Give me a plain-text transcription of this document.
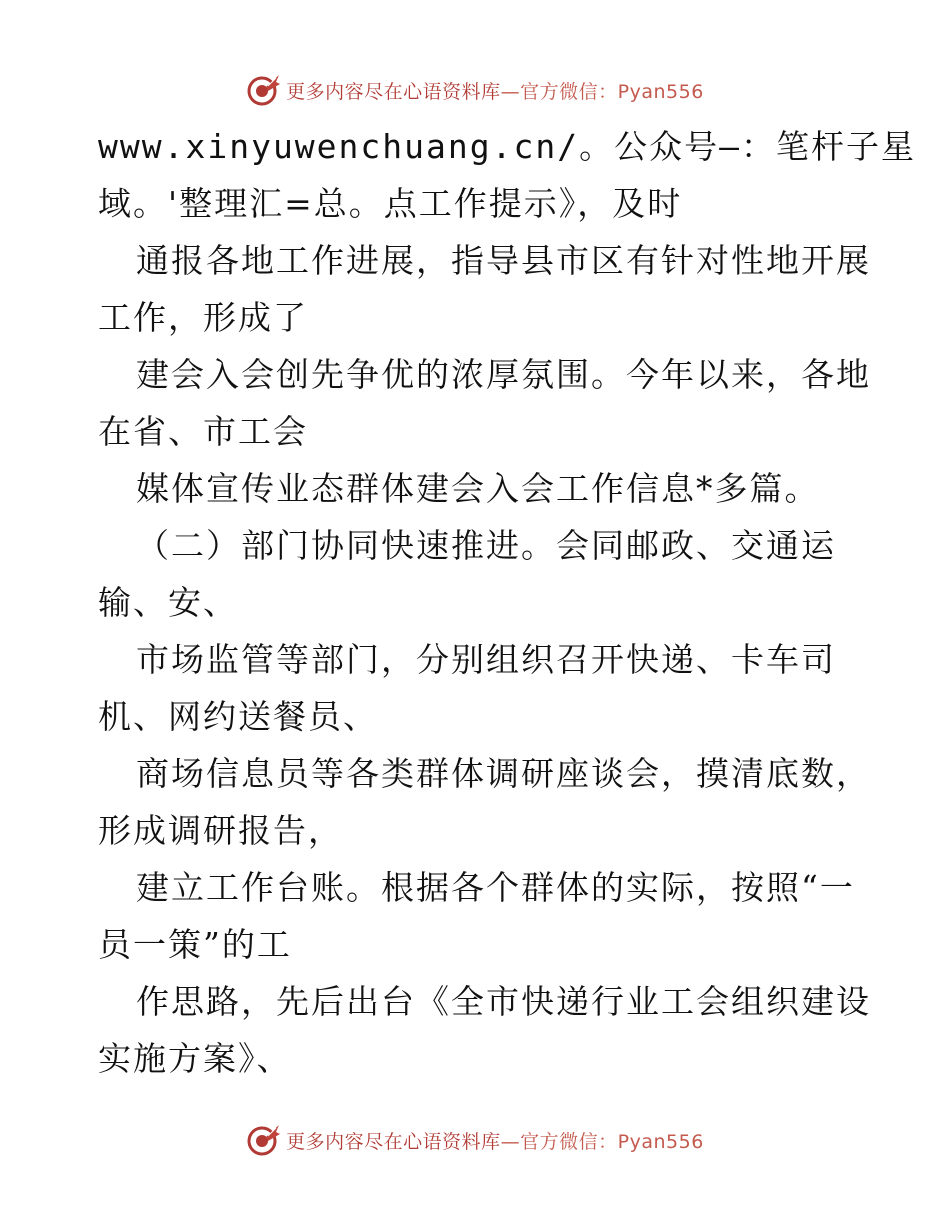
更多内容尽在心语资料库—官方微信：Pyan556
www.xinyuwenchuang.cn/。公众号—：笔杆子星
域。'整理汇=总。点工作提示》，及时
通报各地工作进展，指导县市区有针对性地开展
工作，形成了
建会入会创先争优的浓厚氛围。今年以来，各地
在省、市工会
媒体宣传业态群体建会入会工作信息*多篇。
（二）部门协同快速推进。会同邮政、交通运
输、安、
市场监管等部门，分别组织召开快递、卡车司
机、网约送餐员、
商场信息员等各类群体调研座谈会，摸清底数，
形成调研报告，
建立工作台账。根据各个群体的实际，按照“一
员一策”的工
作思路，先后出台《全市快递行业工会组织建设
实施方案》、
更多内容尽在心语资料库—官方微信：Pyan556
